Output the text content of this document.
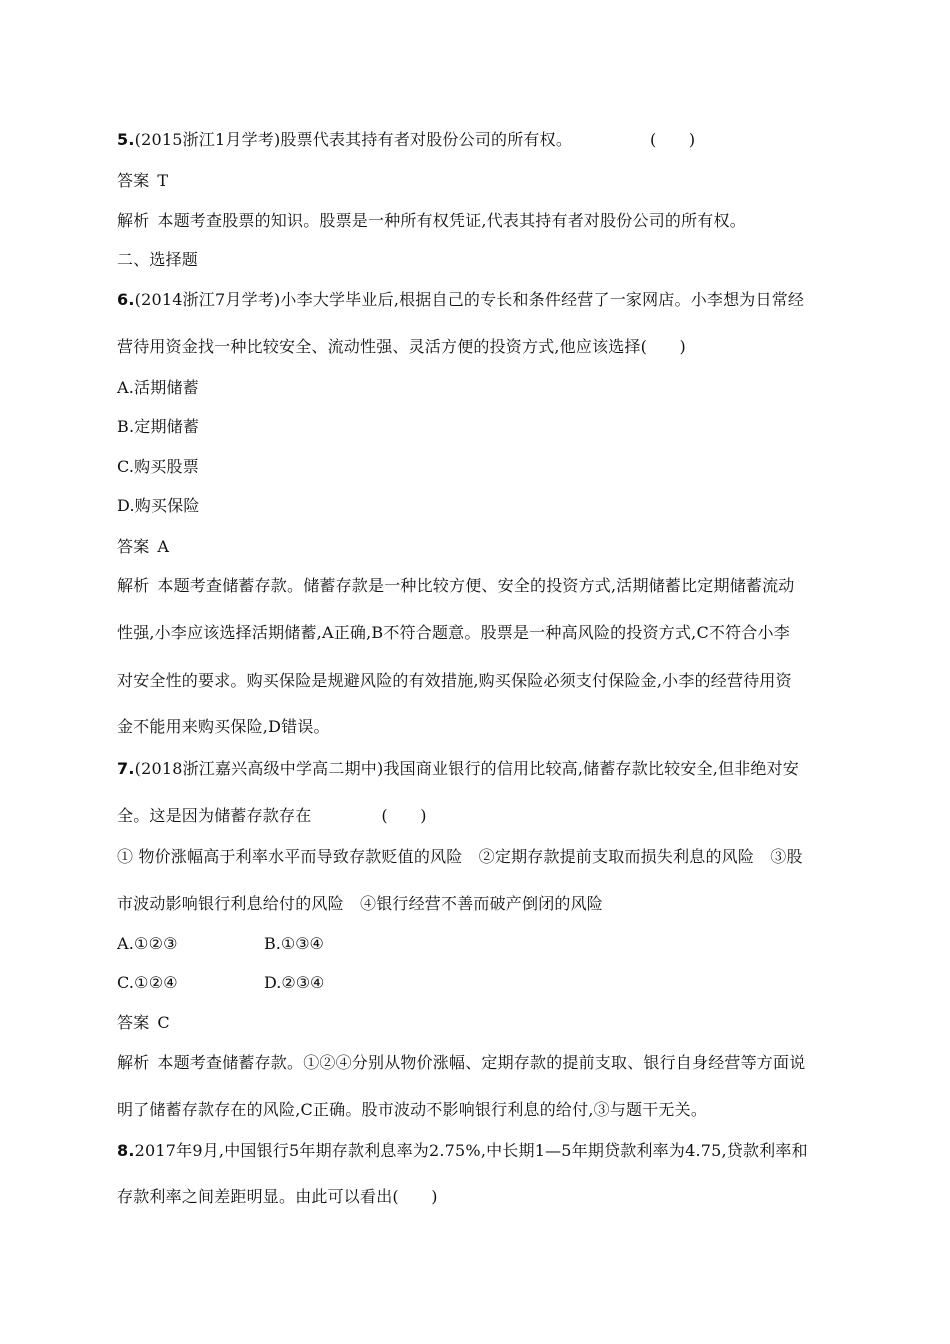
5.(2015浙江1月学考)股票代表其持有者对股份公司的所有权。	(　　)
答案 T
解析 本题考查股票的知识。股票是一种所有权凭证,代表其持有者对股份公司的所有权。
二、选择题
6.(2014浙江7月学考)小李大学毕业后,根据自己的专长和条件经营了一家网店。小李想为日常经
营待用资金找一种比较安全、流动性强、灵活方便的投资方式,他应该选择(　　)
A.活期储蓄
B.定期储蓄
C.购买股票
D.购买保险
答案 A
解析 本题考查储蓄存款。储蓄存款是一种比较方便、安全的投资方式,活期储蓄比定期储蓄流动
性强,小李应该选择活期储蓄,A正确,B不符合题意。股票是一种高风险的投资方式,C不符合小李
对安全性的要求。购买保险是规避风险的有效措施,购买保险必须支付保险金,小李的经营待用资
金不能用来购买保险,D错误。
7.(2018浙江嘉兴高级中学高二期中)我国商业银行的信用比较高,储蓄存款比较安全,但非绝对安
全。这是因为储蓄存款存在	(　　)
① 物价涨幅高于利率水平而导致存款贬值的风险　②定期存款提前支取而损失利息的风险　③股
市波动影响银行利息给付的风险　④银行经营不善而破产倒闭的风险
A.①②③	B.①③④
C.①②④	D.②③④
答案 C
解析 本题考查储蓄存款。①②④分别从物价涨幅、定期存款的提前支取、银行自身经营等方面说
明了储蓄存款存在的风险,C正确。股市波动不影响银行利息的给付,③与题干无关。
8.2017年9月,中国银行5年期存款利息率为2.75%,中长期1—5年期贷款利率为4.75,贷款利率和
存款利率之间差距明显。由此可以看出(　　)
